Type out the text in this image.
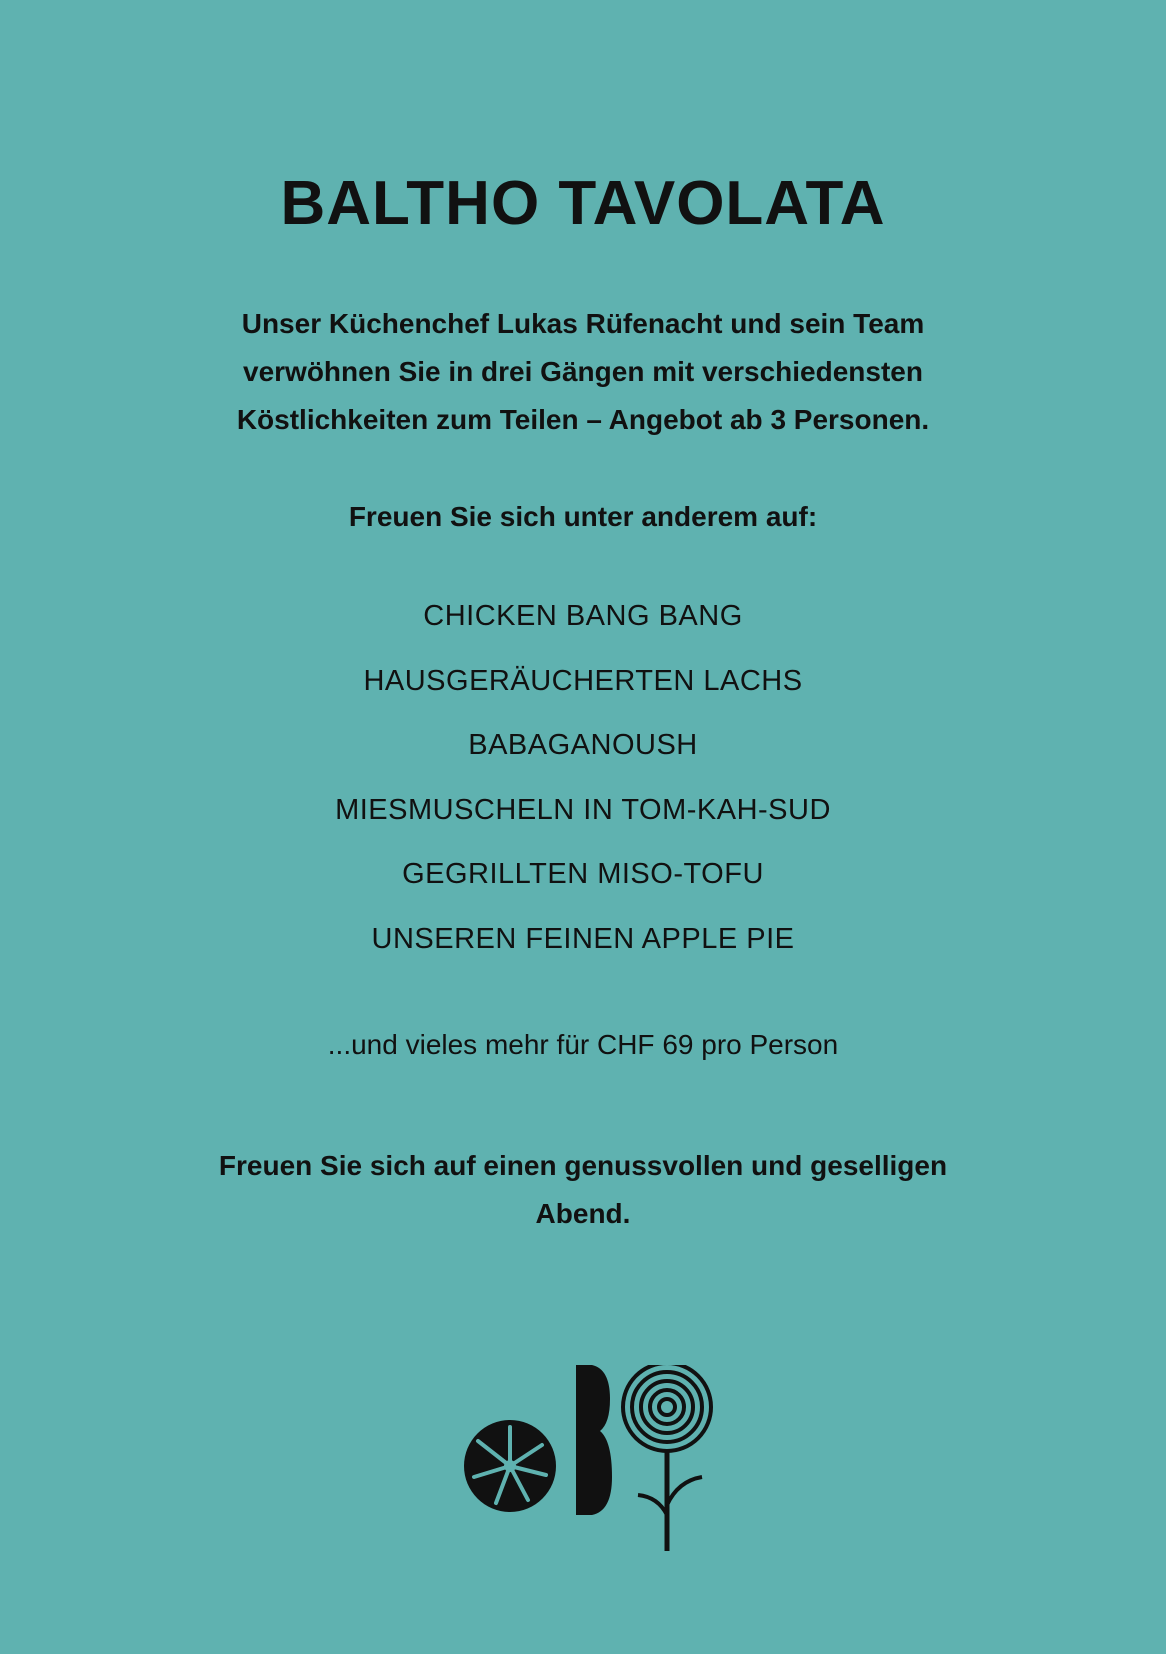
BALTHO TAVOLATA

Unser Küchenchef Lukas Rüfenacht und sein Team
verwöhnen Sie in drei Gängen mit verschiedensten
Köstlichkeiten zum Teilen – Angebot ab 3 Personen.

Freuen Sie sich unter anderem auf:

CHICKEN BANG BANG
HAUSGERÄUCHERTEN LACHS
BABAGANOUSH
MIESMUSCHELN IN TOM-KAH-SUD
GEGRILLTEN MISO-TOFU
UNSEREN FEINEN APPLE PIE

...und vieles mehr für CHF 69 pro Person

Freuen Sie sich auf einen genussvollen und geselligen
Abend.
